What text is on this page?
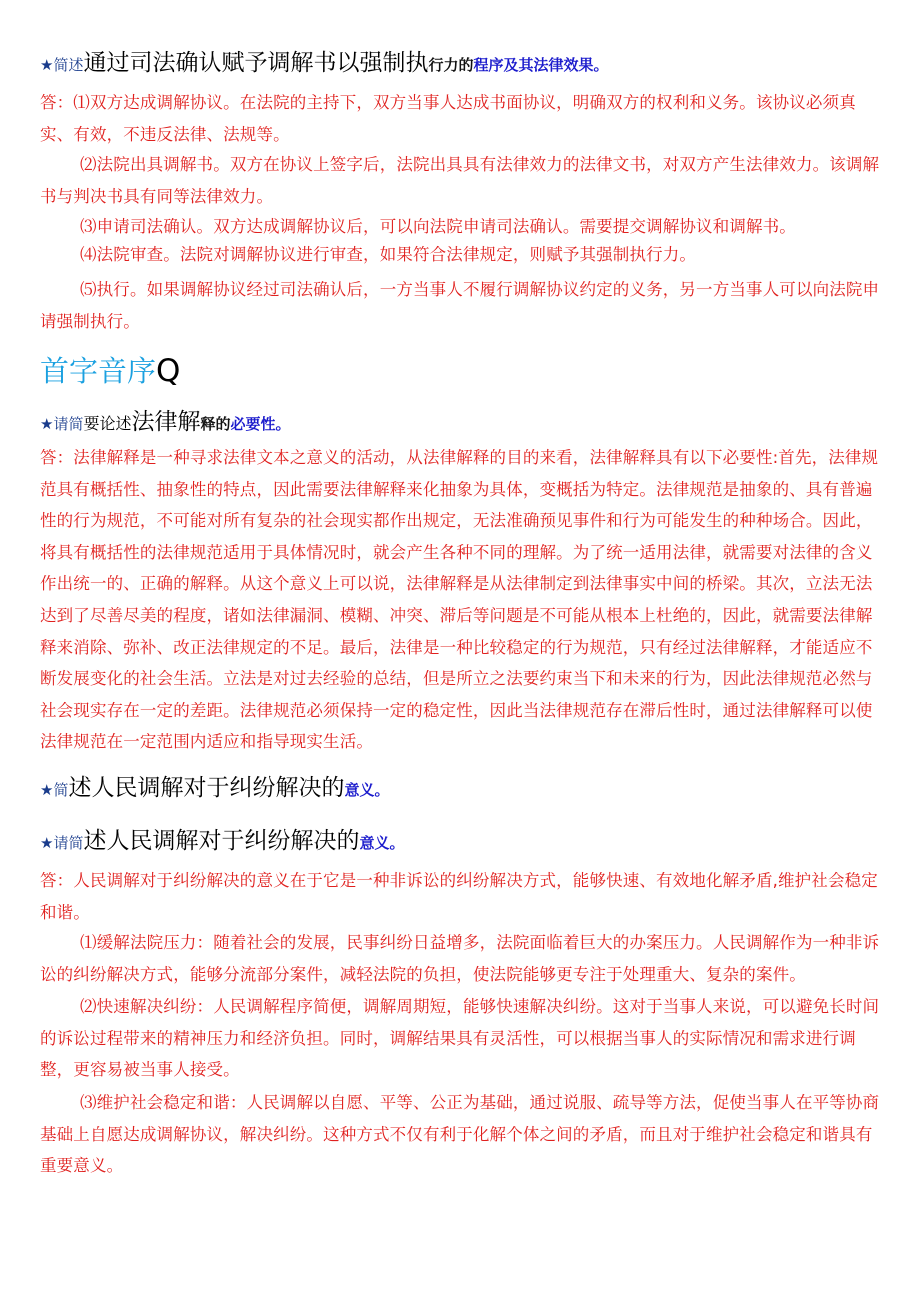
★简述通过司法确认赋予调解书以强制执行力的程序及其法律效果。

答：⑴双方达成调解协议。在法院的主持下，双方当事人达成书面协议，明确双方的权利和义务。该协议必须真实、有效，不违反法律、法规等。

⑵法院出具调解书。双方在协议上签字后，法院出具具有法律效力的法律文书，对双方产生法律效力。该调解书与判决书具有同等法律效力。

⑶申请司法确认。双方达成调解协议后，可以向法院申请司法确认。需要提交调解协议和调解书。

⑷法院审查。法院对调解协议进行审查，如果符合法律规定，则赋予其强制执行力。

⑸执行。如果调解协议经过司法确认后，一方当事人不履行调解协议约定的义务，另一方当事人可以向法院申请强制执行。

首字音序Q
★请简要论述法律解释的必要性。

答：法律解释是一种寻求法律文本之意义的活动，从法律解释的目的来看，法律解释具有以下必要性:首先，法律规范具有概括性、抽象性的特点，因此需要法律解释来化抽象为具体，变概括为特定。法律规范是抽象的、具有普遍性的行为规范，不可能对所有复杂的社会现实都作出规定，无法准确预见事件和行为可能发生的种种场合。因此，将具有概括性的法律规范适用于具体情况时，就会产生各种不同的理解。为了统一适用法律，就需要对法律的含义作出统一的、正确的解释。从这个意义上可以说，法律解释是从法律制定到法律事实中间的桥梁。其次，立法无法达到了尽善尽美的程度，诸如法律漏洞、模糊、冲突、滞后等问题是不可能从根本上杜绝的，因此，就需要法律解释来消除、弥补、改正法律规定的不足。最后，法律是一种比较稳定的行为规范，只有经过法律解释，才能适应不断发展变化的社会生活。立法是对过去经验的总结，但是所立之法要约束当下和未来的行为，因此法律规范必然与社会现实存在一定的差距。法律规范必须保持一定的稳定性，因此当法律规范存在滞后性时，通过法律解释可以使法律规范在一定范围内适应和指导现实生活。

★简述人民调解对于纠纷解决的意义。
★请简述人民调解对于纠纷解决的意义。

答：人民调解对于纠纷解决的意义在于它是一种非诉讼的纠纷解决方式，能够快速、有效地化解矛盾,维护社会稳定和谐。

⑴缓解法院压力：随着社会的发展，民事纠纷日益增多，法院面临着巨大的办案压力。人民调解作为一种非诉讼的纠纷解决方式，能够分流部分案件，减轻法院的负担，使法院能够更专注于处理重大、复杂的案件。

⑵快速解决纠纷：人民调解程序简便，调解周期短，能够快速解决纠纷。这对于当事人来说，可以避免长时间的诉讼过程带来的精神压力和经济负担。同时，调解结果具有灵活性，可以根据当事人的实际情况和需求进行调整，更容易被当事人接受。

⑶维护社会稳定和谐：人民调解以自愿、平等、公正为基础，通过说服、疏导等方法，促使当事人在平等协商基础上自愿达成调解协议，解决纠纷。这种方式不仅有利于化解个体之间的矛盾，而且对于维护社会稳定和谐具有重要意义。
